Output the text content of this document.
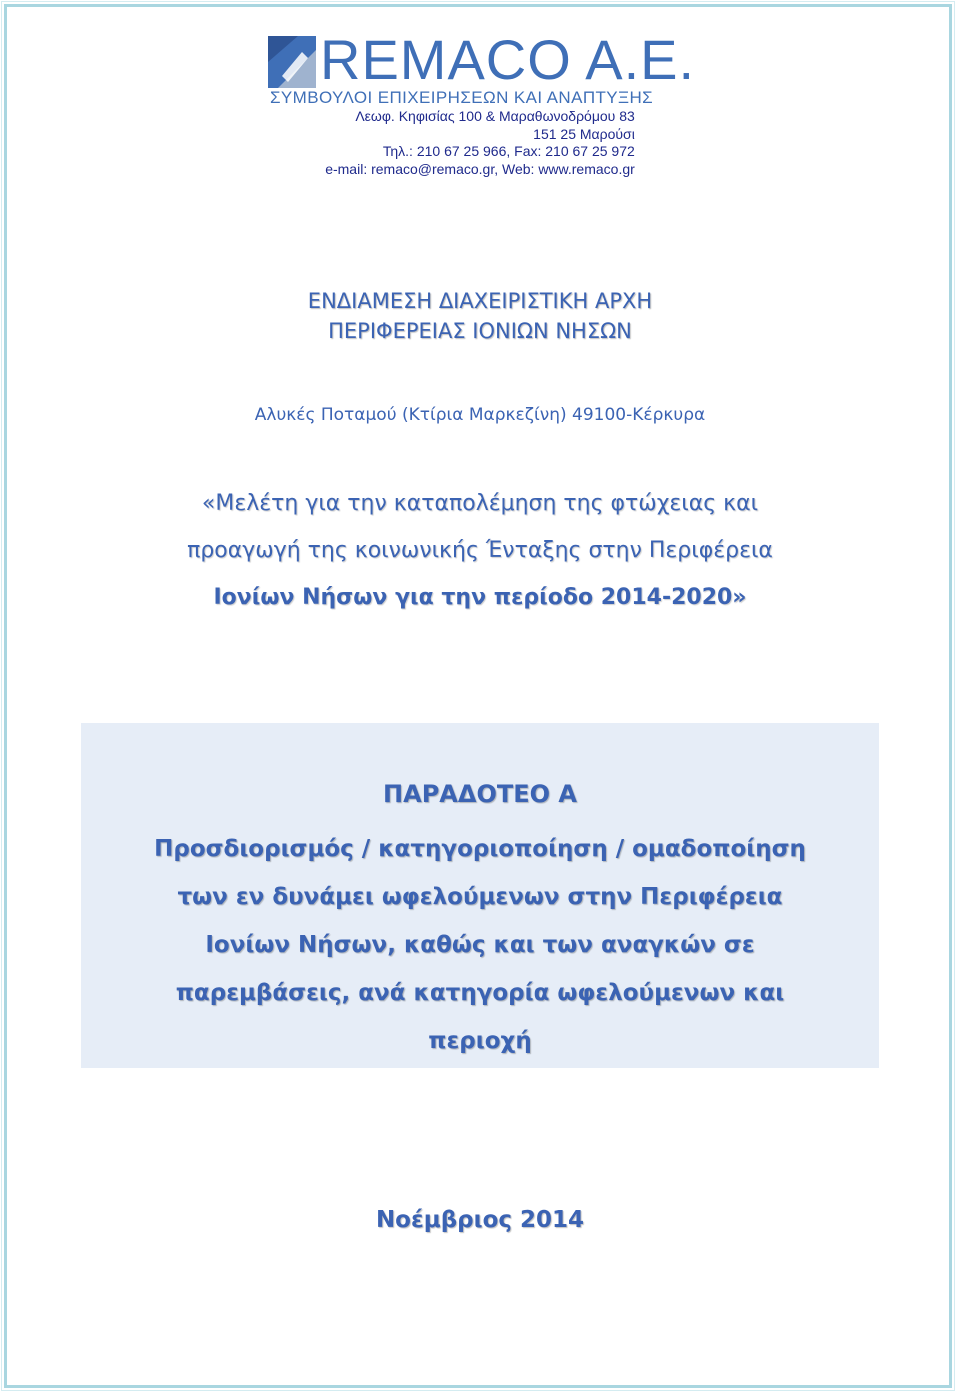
REMACO A.E.
ΣΥΜΒΟΥΛΟΙ ΕΠΙΧΕΙΡΗΣΕΩΝ ΚΑΙ ΑΝΑΠΤΥΞΗΣ
Λεωφ. Κηφισίας 100 & Μαραθωνοδρόμου 83
151 25 Μαρούσι
Τηλ.: 210 67 25 966, Fax: 210 67 25 972
e-mail: remaco@remaco.gr, Web: www.remaco.gr
ΕΝΔΙΑΜΕΣΗ ΔΙΑΧΕΙΡΙΣΤΙΚΗ ΑΡΧΗ
ΠΕΡΙΦΕΡΕΙΑΣ ΙΟΝΙΩΝ ΝΗΣΩΝ
Αλυκές Ποταμού (Κτίρια Μαρκεζίνη) 49100-Κέρκυρα
«Μελέτη για την καταπολέμηση της φτώχειας και
προαγωγή της κοινωνικής Ένταξης στην Περιφέρεια
Ιονίων Νήσων για την περίοδο 2014-2020»
ΠΑΡΑΔΟΤΕΟ Α
Προσδιορισμός / κατηγοριοποίηση / ομαδοποίηση
των εν δυνάμει ωφελούμενων στην Περιφέρεια
Ιονίων Νήσων, καθώς και των αναγκών σε
παρεμβάσεις, ανά κατηγορία ωφελούμενων και
περιοχή
Νοέμβριος 2014
